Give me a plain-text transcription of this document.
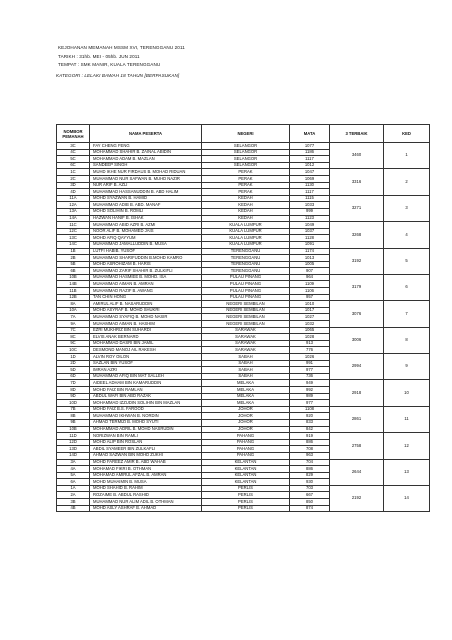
KEJOHANAN MEMANAH MSSM XVI, TERENGGANU 2011
TARIKH : 31hb. MEI - 05hb. JUN 2011
TEMPAT : SMK MANIR, KUALA TERENGGANU
KATEGORI : LELAKI BAWAH 18 TAHUN [BERPASUKAN]
NOMBOR PEMANAH	NAMA PESERTA	NEGERI	MATA	3 TERBAIK	KED
3C	FAY CHENG FENG	SELANGOR	1077	3460	1
4C	MOHAMMAD SHAHIR B. ZAINAL ABIDIN	SELANGOR	1186		
5C	MOHAMMAD ADAM B. MAZLAN	SELANGOR	1117		
6C	SANDEEP SINGH	SELANGOR	1012		
1C	MUHD IKHE NUR FIRDAUS B. MOHAD RIDUAN	PERAK	1047	3316	2
2C	MUHAMMAD NUR SAFWAN B. MUHD NAZIR	PERAK	1069		
3D	NUR ARIF B. AZLI	PERAK	1130		
4D	MUHAMMAD HASSANUDDIN B. ABD HALIM	PERAK	1117		
11A	MOHD SYAZWAN B. HAMID	KEDAH	1115	3271	3
12A	MUHAMMAD ADIB B. ABD. MANAF	KEDAH	1033		
13A	MOHD SOLIHIN B. ROMLI	KEDAH	999		
14A	HAZWAN HANIF B. ISHAK	KEDAH	1123		
11C	MUHAMMAD ABID AZRI B. AZMI	KUALA LUMPUR	1049	3268	4
12C	NOOR ALIF B. MOHAMED JAIS	KUALA LUMPUR	1037		
13C	MOHD AFIQ QAYYUM	KUALA LUMPUR	1128		
14C	MUHAMMAD JAMALLUDDIN B. MUSA	KUALA LUMPUR	1091		
1B	LUTFI HABIB. YUSOF	TERENGGANU	1174	3192	5
2B	MUHAMMAD SHARIFUDDIN B.MOHD KAMRO	TERENGGANU	1013		
5B	MOHD ASROHIZAM B. HARIS	TERENGGANU	1005		
6B	MUHAMMAD ZARIF SHAHIR B. ZULKIFLI	TERENGGANU	907		
10B	MUHAMMAD HASMIEE B. MOHD. ISA	PULAU PINANG	964	3179	6
14B	MUHAMMAD AIMAN B. AMRAN	PULAU PINANG	1109		
11B	MUHAMMAD RAZIF B. AWANG	PULAU PINANG	1106		
12B	TAN CHIN HONG	PULAU PINANG	957		
8A	AMIRUL ALIF B. NASARUDDIN	NEGERI SEMBILAN	1010	3076	7
10A	MOHD ASYRAF B. MOHD SHUKRI	NEGERI SEMBILAN	1017		
7A	MUHAMMAD SYAFIQ B. MOHD NASIR	NEGERI SEMBILAN	1027		
9A	MUHAMMAD AIMAN B. HASHIM	NEGERI SEMBILAN	1032		
7C	EZRI MUKHRIZ BIN SUHARDI	SARAWAK	1065	3006	8
8C	ELVIS ANAK BERNARD	SARAWAK	1028		
9C	MOHAMMAD DASRI BIN JAMIL	SARAWAK	913		
10C	DESMOND MANOJ AIL RAKESH	SARAWAK	776		
1D	ALVIN ROY OILON	SABAH	1026	2994	9
2D	SAZLAN BIN YUSOF	SABAH	991		
5D	IMRAN AZRI	SABAH	977		
6D	MUHAMMAD AFIQ BIN MAT SALLEH	SABAH	736		
7D	AIDEEL ADHAM BIN KAMARUDDIN	MELAKA	949	2918	10
8D	MOHD FAIZ BIN RAMLAN	MELAKA	992		
9D	ABDUL WAFI BIN ABD RAZAK	MELAKA	989		
10D	MOHAMMAD IZZUDIN SOLIHIN BIN MAZLAN	MELAKA	977		
7B	MOHD FAIZ B.S. FAROOD	JOHOR	1108	2861	11
8B	MUHAMMAD IKHWAN B. NORDIN	JOHOR	920		
9B	AHMAD TERMIZI B. MOHD SYUTI	JOHOR	833		
10B	MOHAMMAD ADRIL B. MOHD NASRUDIN	JOHOR	842		
11D	NORIZWAN BIN RAMLI	PAHANG	919	2758	12
12D	MOHD ALIP BIN ROSLAN	PAHANG	886		
13D	ABDIL SYAMEER BIN ZULKAFLI	PAHANG	708		
14D	AHMAD SAZWAN BIN MOHD ZUKHI	PAHANG	963		
3A	MOHD FAREEZ AMIR B. ABD WAHAB	KELANTAN	704	2644	13
4A	MOHAMAD FIKRI B. OTHMAN	KELANTAN	886		
5A	MOHAMAD AMIRUL AFZAL B. AMRAN	KELANTAN	829		
6A	MOHD MUHAIMIN B. MUSA	KELANTAN	930		
1A	MOHD SHAHID B. RAHIM	PERLIS	703	2192	14
2A	ROZAIME B. ABDUL RASHID	PERLIS	667		
3B	MUHAMMAD NUR ALIM ADIL B. OTHMAN	PERLIS	850		
4B	MOHD ASLY ASHRAF B. AHMAD	PERLIS	874		
